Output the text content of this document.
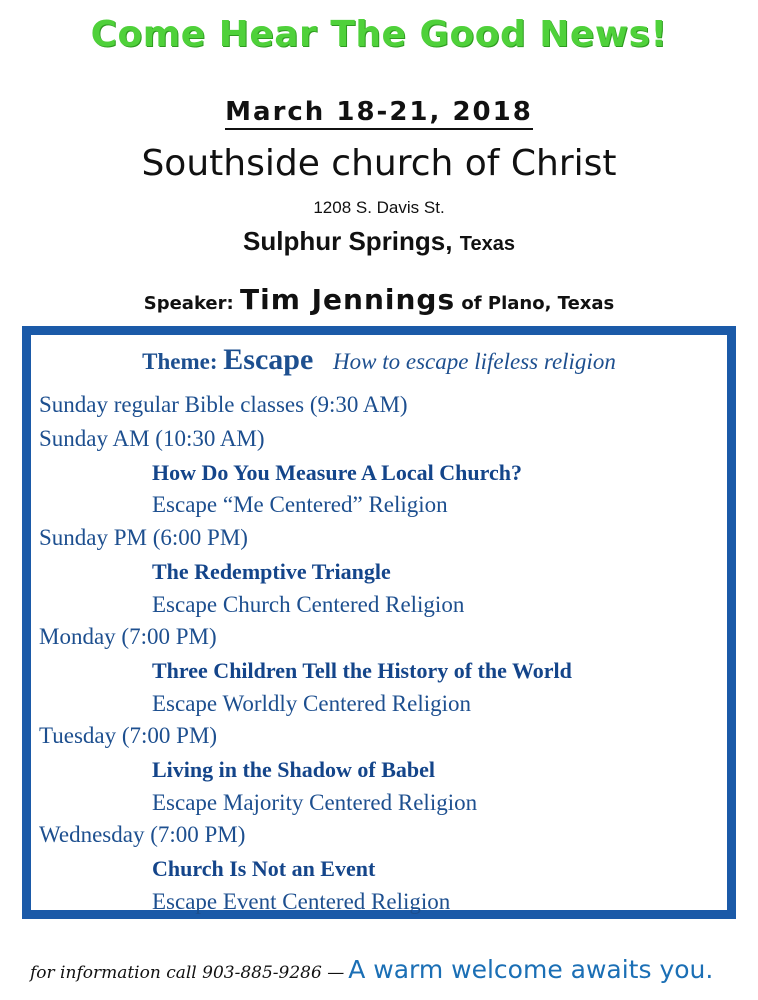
Come Hear The Good News!
March 18-21, 2018
Southside church of Christ
1208 S. Davis St.
Sulphur Springs, Texas
Speaker: Tim Jennings of Plano, Texas
Theme: Escape How to escape lifeless religion
Sunday regular Bible classes (9:30 AM)
Sunday AM (10:30 AM)
How Do You Measure A Local Church?
Escape “Me Centered” Religion
Sunday PM (6:00 PM)
The Redemptive Triangle
Escape Church Centered Religion
Monday (7:00 PM)
Three Children Tell the History of the World
Escape Worldly Centered Religion
Tuesday (7:00 PM)
Living in the Shadow of Babel
Escape Majority Centered Religion
Wednesday (7:00 PM)
Church Is Not an Event
Escape Event Centered Religion
for information call 903-885-9286 — A warm welcome awaits you.
